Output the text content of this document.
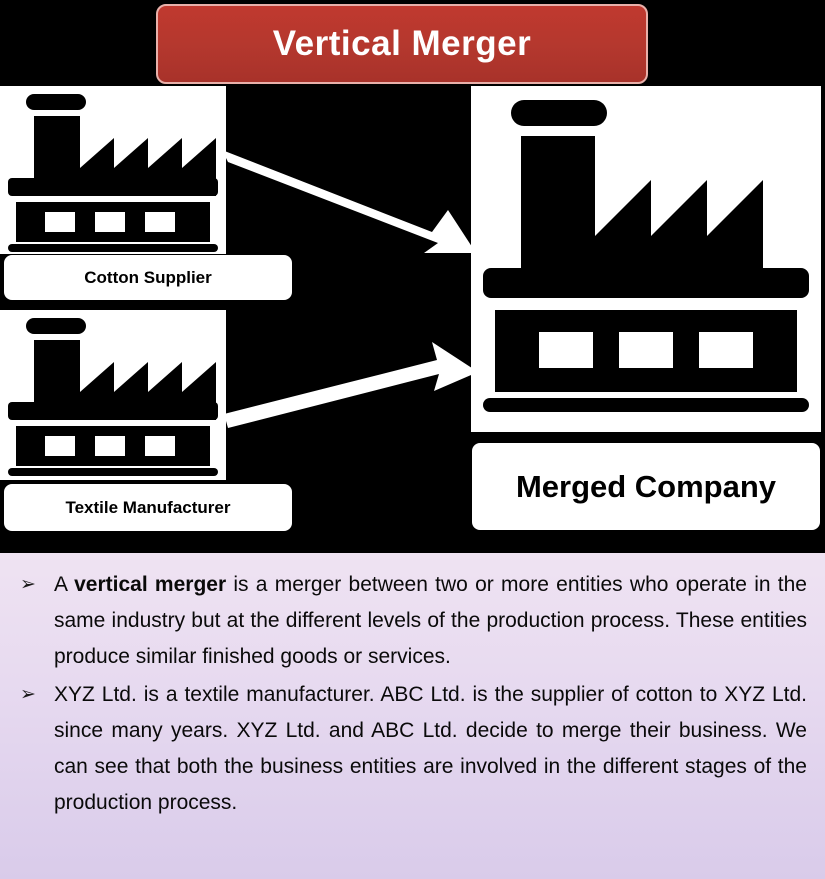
Vertical Merger
Cotton Supplier
Textile Manufacturer
Merged Company
➢ A vertical merger is a merger between two or more entities who operate in the same industry but at the different levels of the production process. These entities produce similar finished goods or services.
➢ XYZ Ltd. is a textile manufacturer. ABC Ltd. is the supplier of cotton to XYZ Ltd. since many years. XYZ Ltd. and ABC Ltd. decide to merge their business. We can see that both the business entities are involved in the different stages of the production process.
